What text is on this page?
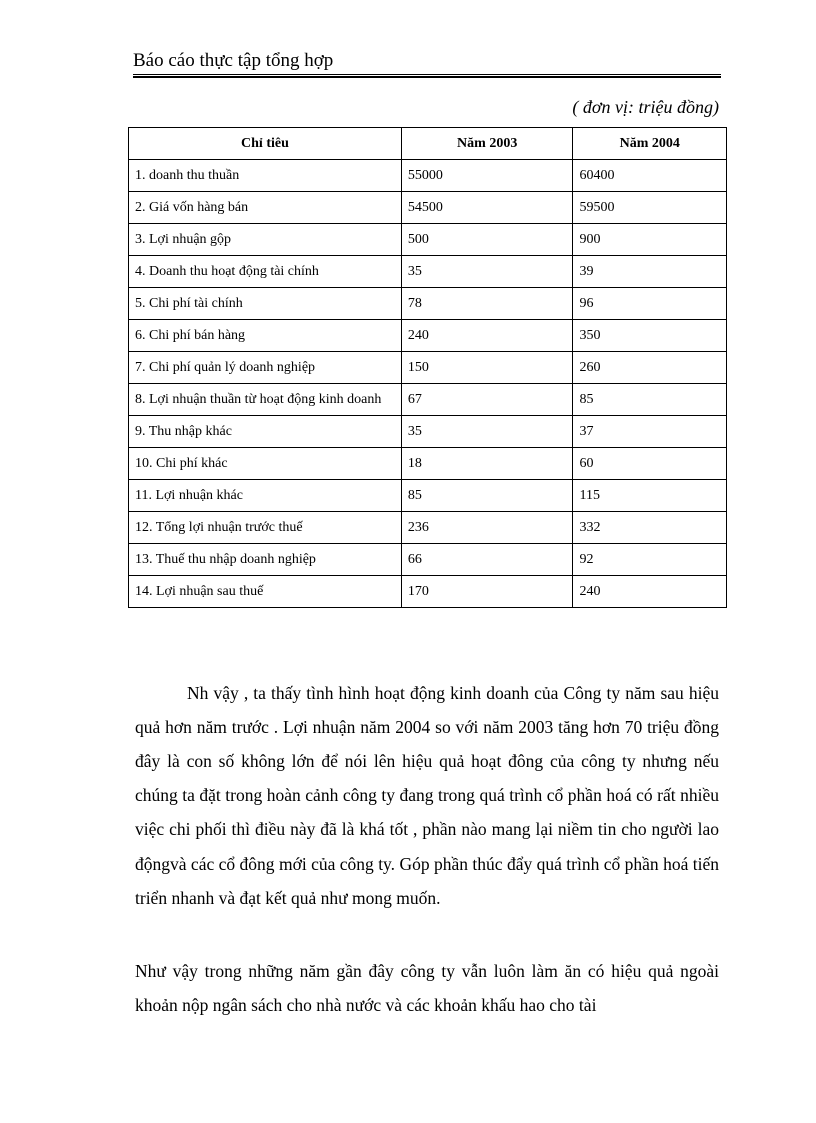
Báo cáo thực tập tổng hợp
( đơn vị: triệu đồng)
Chỉ tiêu	Năm 2003	Năm 2004
1. doanh thu thuần	55000	60400
2. Giá vốn hàng bán	54500	59500
3. Lợi nhuận gộp	500	900
4. Doanh thu hoạt động tài chính	35	39
5. Chi phí tài chính	78	96
6. Chi phí bán hàng	240	350
7. Chi phí quản lý doanh nghiệp	150	260
8. Lợi nhuận thuần từ hoạt động kinh doanh	67	85
9. Thu nhập khác	35	37
10. Chi phí khác	18	60
11. Lợi nhuận khác	85	115
12. Tổng lợi nhuận trước thuế	236	332
13. Thuế thu nhập doanh nghiệp	66	92
14. Lợi nhuận sau thuế	170	240

Nh vậy , ta thấy tình hình hoạt động kinh doanh của Công ty năm sau hiệu quả hơn năm trước . Lợi nhuận năm 2004 so với năm 2003 tăng hơn 70 triệu đồng đây là con số không lớn để nói lên hiệu quả hoạt đông của công ty nhưng nếu chúng ta đặt trong hoàn cảnh công ty đang trong quá trình cổ phần hoá có rất nhiều việc chi phối thì điều này đã là khá tốt , phần nào mang lại niềm tin cho người lao độngvà các cổ đông mới của công ty. Góp phần thúc đẩy quá trình cổ phần hoá tiến triển nhanh và đạt kết quả như mong muốn.

Như vậy trong những năm gần đây công ty vẫn luôn làm ăn có hiệu quả ngoài khoản nộp ngân sách cho nhà nước và các khoản khấu hao cho tài
